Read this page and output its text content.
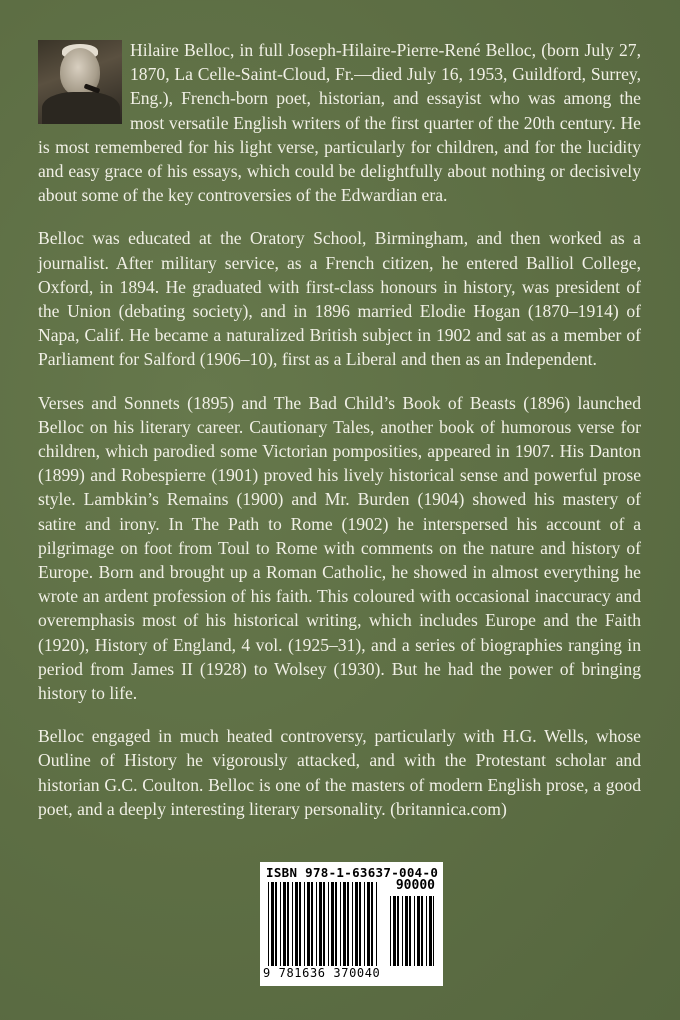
Hilaire Belloc, in full Joseph-Hilaire-Pierre-René Belloc, (born July 27, 1870, La Celle-Saint-Cloud, Fr.—died July 16, 1953, Guildford, Surrey, Eng.), French-born poet, historian, and essayist who was among the most versatile English writers of the first quarter of the 20th century. He is most remembered for his light verse, particularly for children, and for the lucidity and easy grace of his essays, which could be delightfully about nothing or decisively about some of the key controversies of the Edwardian era.

Belloc was educated at the Oratory School, Birmingham, and then worked as a journalist. After military service, as a French citizen, he entered Balliol College, Oxford, in 1894. He graduated with first-class honours in history, was president of the Union (debating society), and in 1896 married Elodie Hogan (1870–1914) of Napa, Calif. He became a naturalized British subject in 1902 and sat as a member of Parliament for Salford (1906–10), first as a Liberal and then as an Independent.

Verses and Sonnets (1895) and The Bad Child’s Book of Beasts (1896) launched Belloc on his literary career. Cautionary Tales, another book of humorous verse for children, which parodied some Victorian pomposities, appeared in 1907. His Danton (1899) and Robespierre (1901) proved his lively historical sense and powerful prose style. Lambkin’s Remains (1900) and Mr. Burden (1904) showed his mastery of satire and irony. In The Path to Rome (1902) he interspersed his account of a pilgrimage on foot from Toul to Rome with comments on the nature and history of Europe. Born and brought up a Roman Catholic, he showed in almost everything he wrote an ardent profession of his faith. This coloured with occasional inaccuracy and overemphasis most of his historical writing, which includes Europe and the Faith (1920), History of England, 4 vol. (1925–31), and a series of biographies ranging in period from James II (1928) to Wolsey (1930). But he had the power of bringing history to life.

Belloc engaged in much heated controversy, particularly with H.G. Wells, whose Outline of History he vigorously attacked, and with the Protestant scholar and historian G.C. Coulton. Belloc is one of the masters of modern English prose, a good poet, and a deeply interesting literary personality. (britannica.com)

ISBN 978-1-63637-004-0
90000
9 781636 370040
